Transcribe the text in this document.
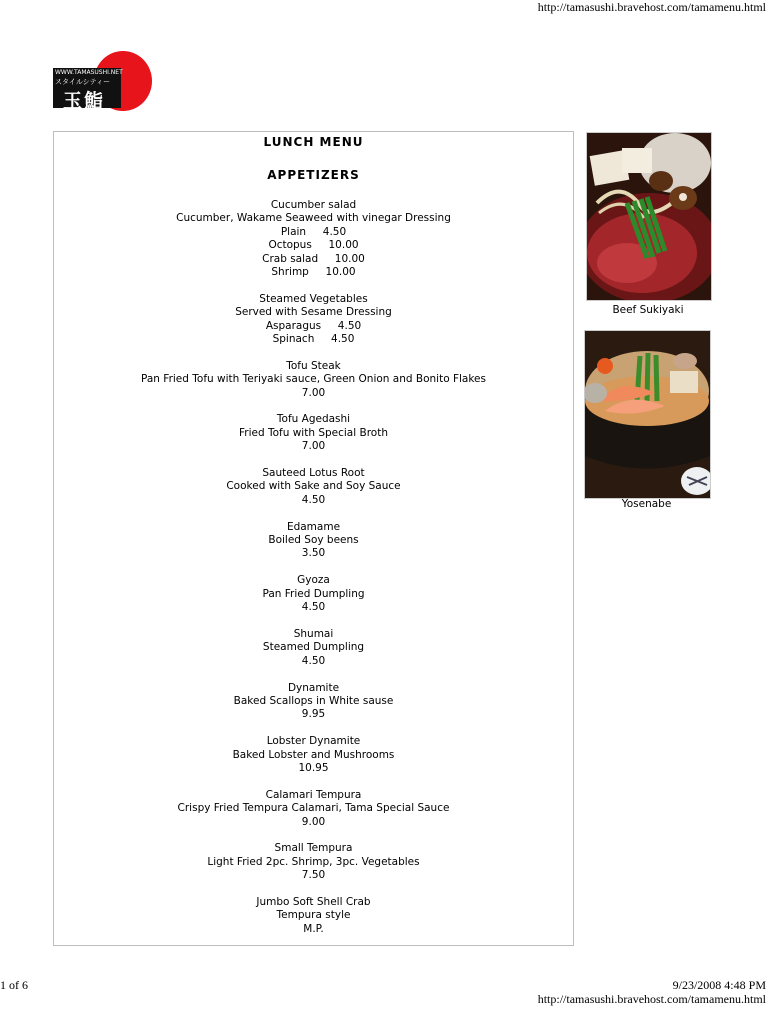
http://tamasushi.bravehost.com/tamamenu.html
WWW.TAMASUSHI.NET
スタイルシティー
玉鮨
LUNCH MENU
APPETIZERS
Cucumber salad
Cucumber, Wakame Seaweed with vinegar Dressing
Plain     4.50
Octopus     10.00
Crab salad     10.00
Shrimp     10.00
Steamed Vegetables
Served with Sesame Dressing
Asparagus     4.50
Spinach     4.50
Tofu Steak
Pan Fried Tofu with Teriyaki sauce, Green Onion and Bonito Flakes
7.00
Tofu Agedashi
Fried Tofu with Special Broth
7.00
Sauteed Lotus Root
Cooked with Sake and Soy Sauce
4.50
Edamame
Boiled Soy beens
3.50
Gyoza
Pan Fried Dumpling
4.50
Shumai
Steamed Dumpling
4.50
Dynamite
Baked Scallops in White sause
9.95
Lobster Dynamite
Baked Lobster and Mushrooms
10.95
Calamari Tempura
Crispy Fried Tempura Calamari, Tama Special Sauce
9.00
Small Tempura
Light Fried 2pc. Shrimp, 3pc. Vegetables
7.50
Jumbo Soft Shell Crab
Tempura style
M.P.
Beef Sukiyaki
Yosenabe
1 of 6	9/23/2008 4:48 PM
http://tamasushi.bravehost.com/tamamenu.html
